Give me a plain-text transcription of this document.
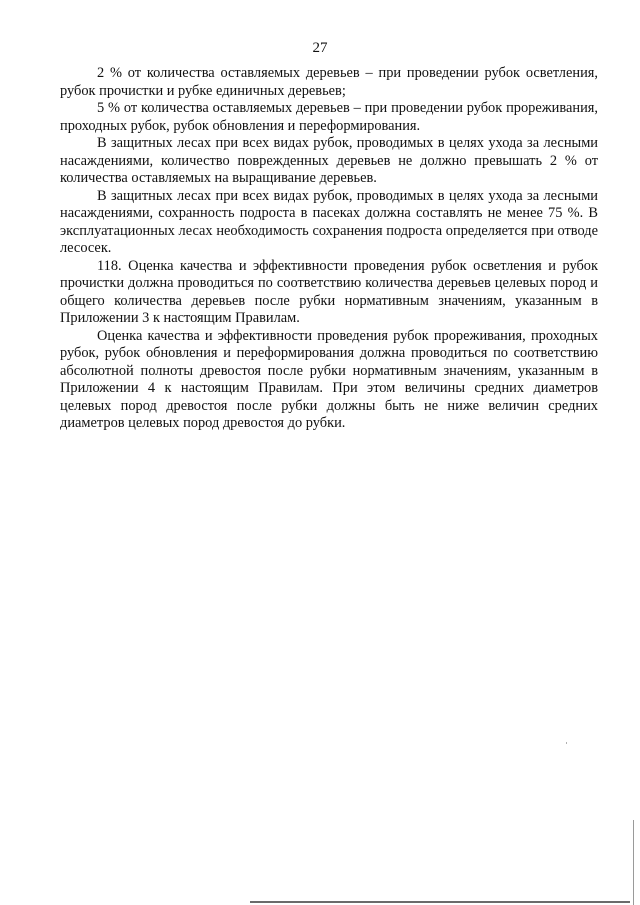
27

2 % от количества оставляемых деревьев – при проведении рубок осветления, рубок прочистки и рубке единичных деревьев;

5 % от количества оставляемых деревьев – при проведении рубок прореживания, проходных рубок, рубок обновления и переформирования.

В защитных лесах при всех видах рубок, проводимых в целях ухода за лесными насаждениями, количество поврежденных деревьев не должно превышать 2 % от количества оставляемых на выращивание деревьев.

В защитных лесах при всех видах рубок, проводимых в целях ухода за лесными насаждениями, сохранность подроста в пасеках должна составлять не менее 75 %. В эксплуатационных лесах необходимость сохранения подроста определяется при отводе лесосек.

118. Оценка качества и эффективности проведения рубок осветления и рубок прочистки должна проводиться по соответствию количества деревьев целевых пород и общего количества деревьев после рубки нормативным значениям, указанным в Приложении 3 к настоящим Правилам.

Оценка качества и эффективности проведения рубок прореживания, проходных рубок, рубок обновления и переформирования должна проводиться по соответствию абсолютной полноты древостоя после рубки нормативным значениям, указанным в Приложении 4 к настоящим Правилам. При этом величины средних диаметров целевых пород древостоя после рубки должны быть не ниже величин средних диаметров целевых пород древостоя до рубки.
